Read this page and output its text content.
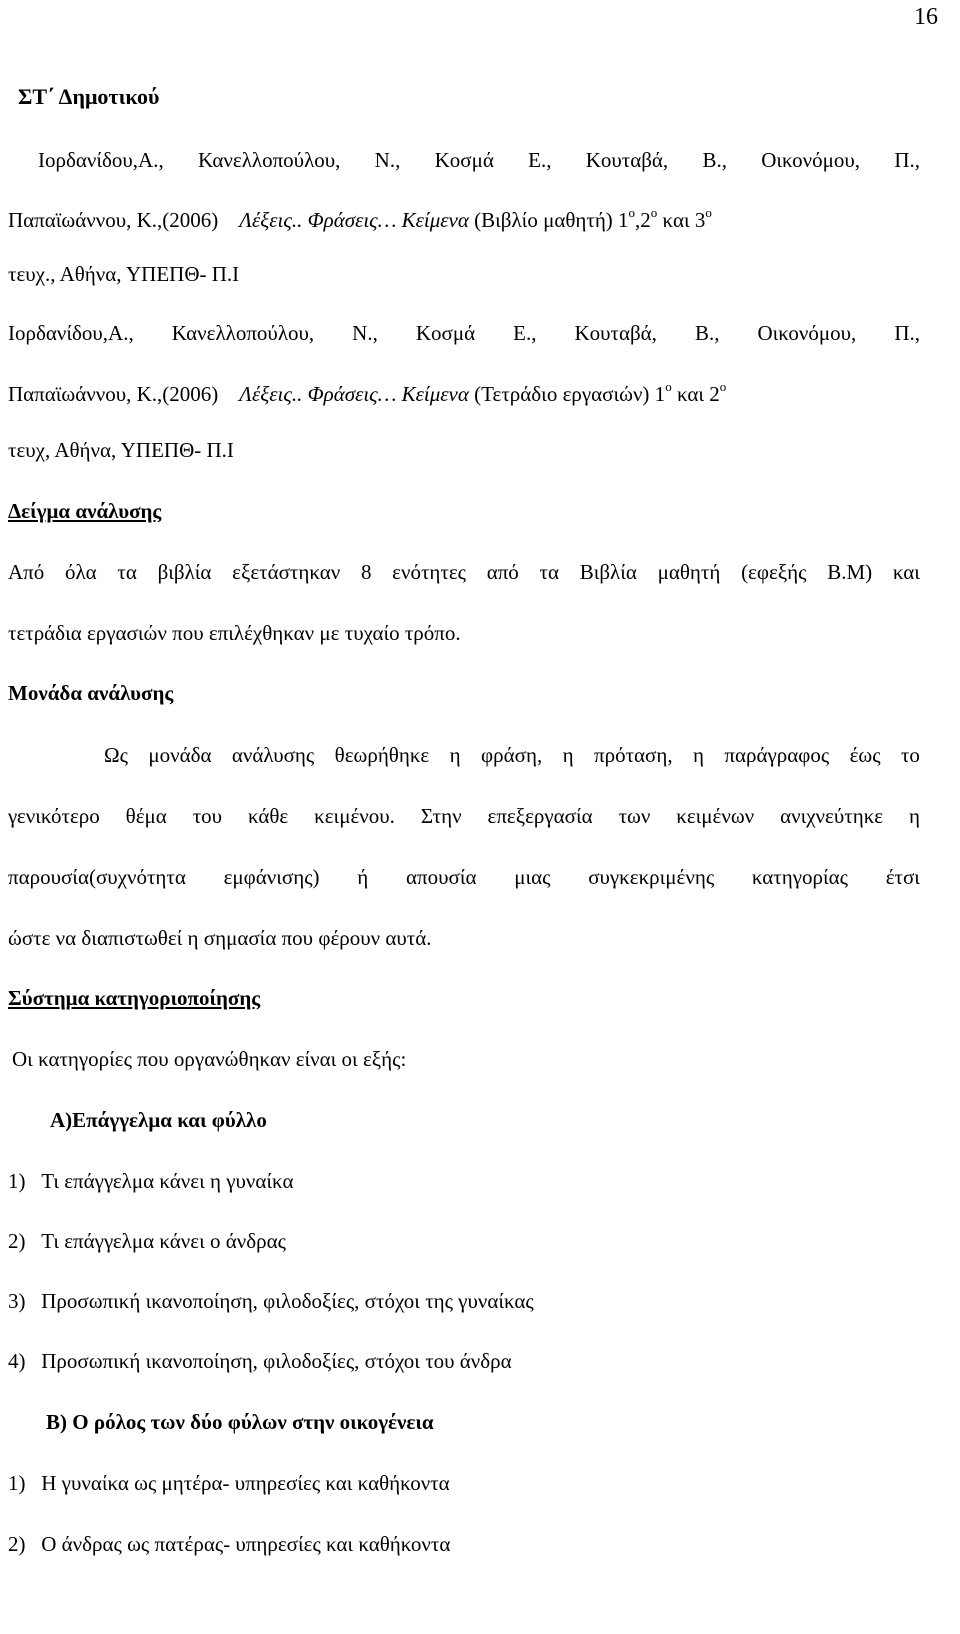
16
ΣΤ΄ Δημοτικού
Ιορδανίδου,Α., Κανελλοπούλου, Ν., Κοσμά Ε., Κουταβά, Β., Οικονόμου, Π.,
Παπαϊωάννου, Κ.,(2006) Λέξεις.. Φράσεις… Κείμενα (Βιβλίο μαθητή) $1^o,2^o$ και $3^o$
τευχ., Αθήνα, ΥΠΕΠΘ- Π.Ι
Ιορδανίδου,Α., Κανελλοπούλου, Ν., Κοσμά Ε., Κουταβά, Β., Οικονόμου, Π.,
Παπαϊωάννου, Κ.,(2006) Λέξεις.. Φράσεις… Κείμενα (Τετράδιο εργασιών) $1^o$ και $2^o$
τευχ, Αθήνα, ΥΠΕΠΘ- Π.Ι
Δείγμα ανάλυσης
Από όλα τα βιβλία εξετάστηκαν 8 ενότητες από τα Βιβλία μαθητή (εφεξής Β.Μ) και
τετράδια εργασιών που επιλέχθηκαν με τυχαίο τρόπο.
Μονάδα ανάλυσης
Ως μονάδα ανάλυσης θεωρήθηκε η φράση, η πρόταση, η παράγραφος έως το
γενικότερο θέμα του κάθε κειμένου. Στην επεξεργασία των κειμένων ανιχνεύτηκε η
παρουσία(συχνότητα εμφάνισης) ή απουσία μιας συγκεκριμένης κατηγορίας έτσι
ώστε να διαπιστωθεί η σημασία που φέρουν αυτά.
Σύστημα κατηγοριοποίησης
Οι κατηγορίες που οργανώθηκαν είναι οι εξής:
Α)Επάγγελμα και φύλλο
1) Τι επάγγελμα κάνει η γυναίκα
2) Τι επάγγελμα κάνει ο άνδρας
3) Προσωπική ικανοποίηση, φιλοδοξίες, στόχοι της γυναίκας
4) Προσωπική ικανοποίηση, φιλοδοξίες, στόχοι του άνδρα
Β) Ο ρόλος των δύο φύλων στην οικογένεια
1) Η γυναίκα ως μητέρα- υπηρεσίες και καθήκοντα
2) Ο άνδρας ως πατέρας- υπηρεσίες και καθήκοντα
